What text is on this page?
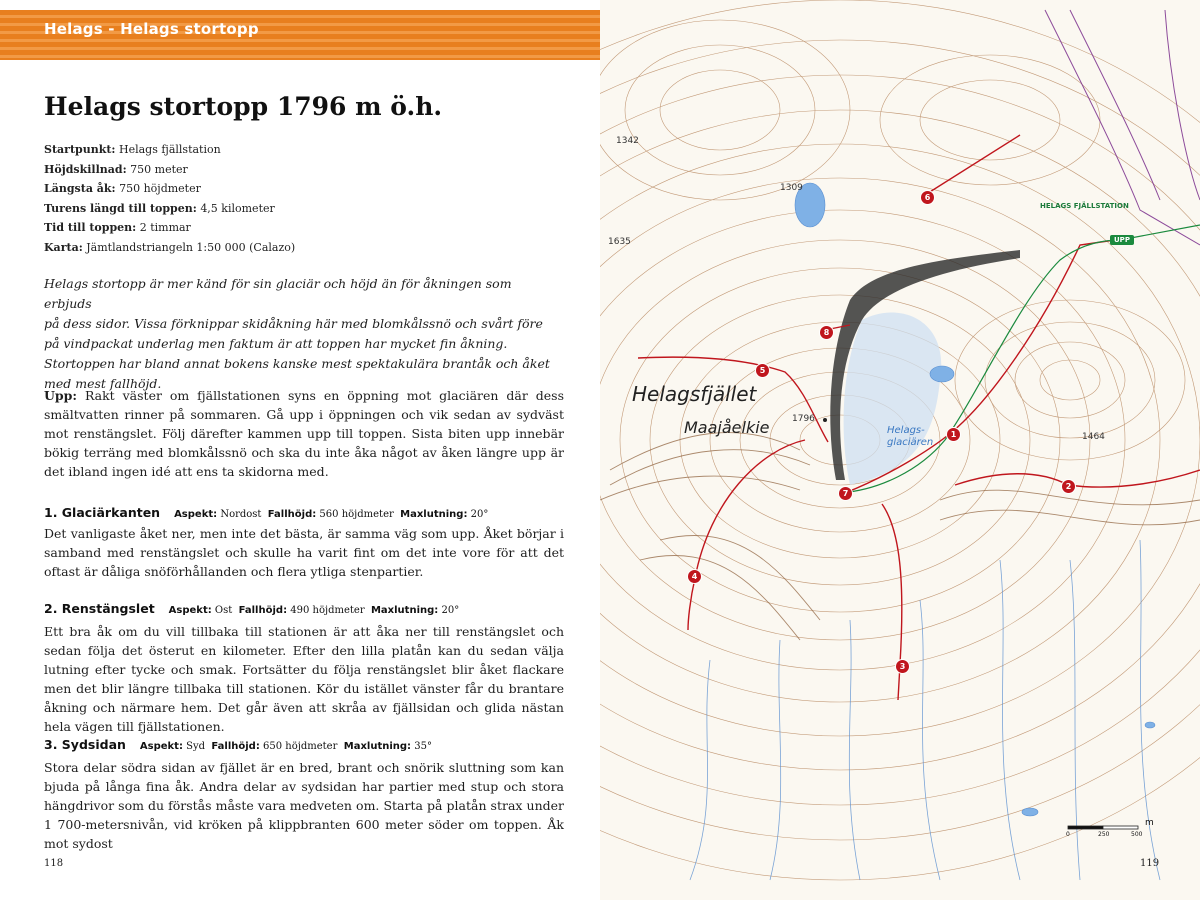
Helags - Helags stortopp
Helags stortopp 1796 m ö.h.
Startpunkt: Helags fjällstation
Höjdskillnad: 750 meter
Längsta åk: 750 höjdmeter
Turens längd till toppen: 4,5 kilometer
Tid till toppen: 2 timmar
Karta: Jämtlandstriangeln 1:50 000 (Calazo)
Helags stortopp är mer känd för sin glaciär och höjd än för åkningen som erbjuds
på dess sidor. Vissa förknippar skidåkning här med blomkålssnö och svårt före
på vindpackat underlag men faktum är att toppen har mycket fin åkning.
Stortoppen har bland annat bokens kanske mest spektakulära brantåk och åket
med mest fallhöjd.
Upp: Rakt väster om fjällstationen syns en öppning mot glaciären där dess smältvatten rinner på sommaren. Gå upp i öppningen och vik sedan av sydväst mot renstängslet. Följ därefter kammen upp till toppen. Sista biten upp innebär bökig terräng med blomkålssnö och ska du inte åka något av åken längre upp är det ibland ingen idé att ens ta skidorna med.
1. Glaciärkanten Aspekt: Nordost Fallhöjd: 560 höjdmeter Maxlutning: 20°
Det vanligaste åket ner, men inte det bästa, är samma väg som upp. Åket börjar i samband med renstängslet och skulle ha varit fint om det inte vore för att det oftast är dåliga snöförhållanden och flera ytliga stenpartier.
2. Renstängslet Aspekt: Ost Fallhöjd: 490 höjdmeter Maxlutning: 20°
Ett bra åk om du vill tillbaka till stationen är att åka ner till renstängslet och sedan följa det österut en kilometer. Efter den lilla platån kan du sedan välja lutning efter tycke och smak. Fortsätter du följa renstängslet blir åket flackare men det blir längre tillbaka till stationen. Kör du istället vänster får du brantare åkning och närmare hem. Det går även att skråa av fjällsidan och glida nästan hela vägen till fjällstationen.
3. Sydsidan Aspekt: Syd Fallhöjd: 650 höjdmeter Maxlutning: 35°
Stora delar södra sidan av fjället är en bred, brant och snörik sluttning som kan bjuda på långa fina åk. Andra delar av sydsidan har partier med stup och stora hängdrivor som du förstås måste vara medveten om. Starta på platån strax under 1 700-metersnivån, vid kröken på klippbranten 600 meter söder om toppen. Åk mot sydost
118
Helagsfjället
Maajåelkie 1796
Helags-glaciären
HELAGS FJÄLLSTATION
UPP
1342
1309
1635
1464
6
8
5
1
7
2
4
3
0	250	500
m
119
